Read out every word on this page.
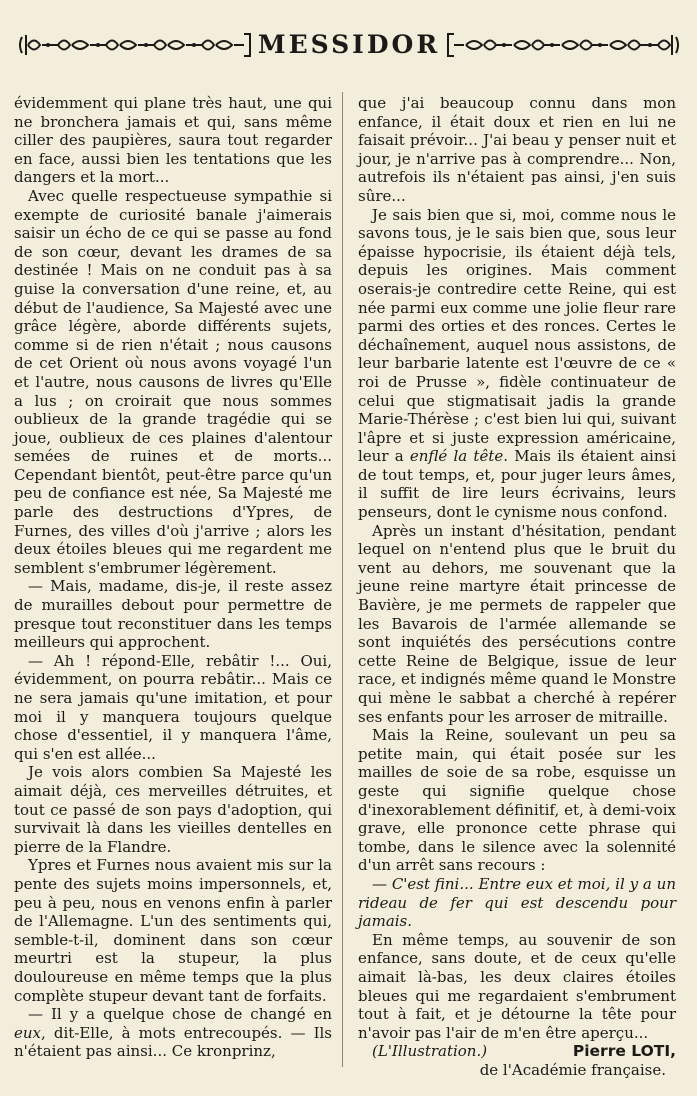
MESSIDOR

évidemment qui plane très haut, une qui ne bronchera jamais et qui, sans même ciller des paupières, saura tout regarder en face, aussi bien les tentations que les dangers et la mort...

Avec quelle respectueuse sympathie si exempte de curiosité banale j'aimerais saisir un écho de ce qui se passe au fond de son cœur, devant les drames de sa destinée ! Mais on ne conduit pas à sa guise la conversation d'une reine, et, au début de l'audience, Sa Majesté avec une grâce légère, aborde différents sujets, comme si de rien n'était ; nous causons de cet Orient où nous avons voyagé l'un et l'autre, nous causons de livres qu'Elle a lus ; on croirait que nous sommes oublieux de la grande tragédie qui se joue, oublieux de ces plaines d'alentour semées de ruines et de morts... Cependant bientôt, peut-être parce qu'un peu de confiance est née, Sa Majesté me parle des destructions d'Ypres, de Furnes, des villes d'où j'arrive ; alors les deux étoiles bleues qui me regardent me semblent s'embrumer légèrement.

— Mais, madame, dis-je, il reste assez de murailles debout pour permettre de presque tout reconstituer dans les temps meilleurs qui approchent.

— Ah ! répond-Elle, rebâtir !... Oui, évidemment, on pourra rebâtir... Mais ce ne sera jamais qu'une imitation, et pour moi il y manquera toujours quelque chose d'essentiel, il y manquera l'âme, qui s'en est allée...

Je vois alors combien Sa Majesté les aimait déjà, ces merveilles détruites, et tout ce passé de son pays d'adoption, qui survivait là dans les vieilles dentelles en pierre de la Flandre.

Ypres et Furnes nous avaient mis sur la pente des sujets moins impersonnels, et, peu à peu, nous en venons enfin à parler de l'Allemagne. L'un des sentiments qui, semble-t-il, dominent dans son cœur meurtri est la stupeur, la plus douloureuse en même temps que la plus complète stupeur devant tant de forfaits.

— Il y a quelque chose de changé en eux, dit-Elle, à mots entrecoupés. — Ils n'étaient pas ainsi... Ce kronprinz,

que j'ai beaucoup connu dans mon enfance, il était doux et rien en lui ne faisait prévoir... J'ai beau y penser nuit et jour, je n'arrive pas à comprendre... Non, autrefois ils n'étaient pas ainsi, j'en suis sûre...

Je sais bien que si, moi, comme nous le savons tous, je le sais bien que, sous leur épaisse hypocrisie, ils étaient déjà tels, depuis les origines. Mais comment oserais-je contredire cette Reine, qui est née parmi eux comme une jolie fleur rare parmi des orties et des ronces. Certes le déchaînement, auquel nous assistons, de leur barbarie latente est l'œuvre de ce « roi de Prusse », fidèle continuateur de celui que stigmatisait jadis la grande Marie-Thérèse ; c'est bien lui qui, suivant l'âpre et si juste expression américaine, leur a enflé la tête. Mais ils étaient ainsi de tout temps, et, pour juger leurs âmes, il suffit de lire leurs écrivains, leurs penseurs, dont le cynisme nous confond.

Après un instant d'hésitation, pendant lequel on n'entend plus que le bruit du vent au dehors, me souvenant que la jeune reine martyre était princesse de Bavière, je me permets de rappeler que les Bavarois de l'armée allemande se sont inquiétés des persécutions contre cette Reine de Belgique, issue de leur race, et indignés même quand le Monstre qui mène le sabbat a cherché à repérer ses enfants pour les arroser de mitraille.

Mais la Reine, soulevant un peu sa petite main, qui était posée sur les mailles de soie de sa robe, esquisse un geste qui signifie quelque chose d'inexorablement définitif, et, à demi-voix grave, elle prononce cette phrase qui tombe, dans le silence avec la solennité d'un arrêt sans recours :

— C'est fini... Entre eux et moi, il y a un rideau de fer qui est descendu pour jamais.

En même temps, au souvenir de son enfance, sans doute, et de ceux qu'elle aimait là-bas, les deux claires étoiles bleues qui me regardaient s'embrument tout à fait, et je détourne la tête pour n'avoir pas l'air de m'en être aperçu...

(L'Illustration.)	Pierre LOTI,
de l'Académie française.
